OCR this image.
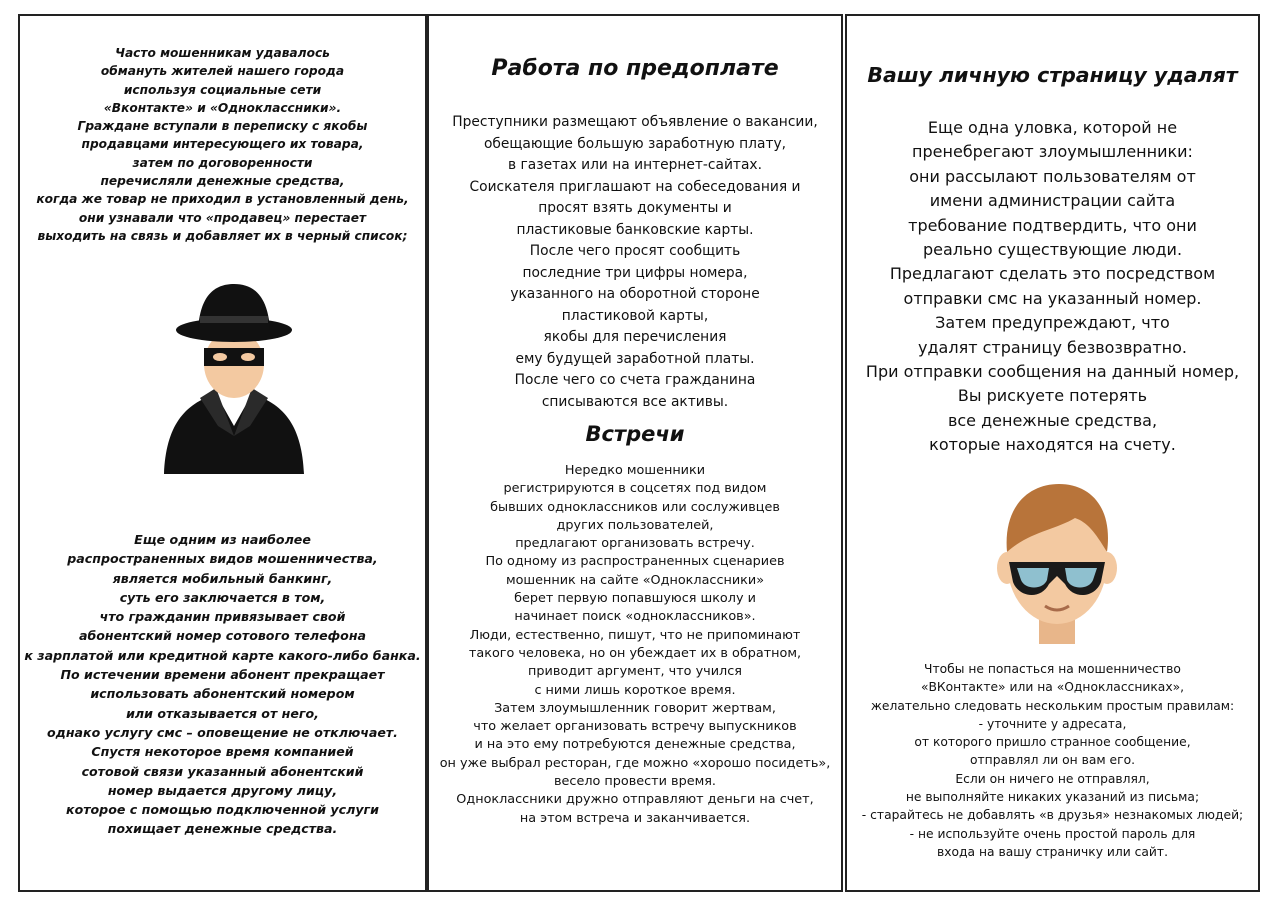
Часто мошенникам удавалось
обмануть жителей нашего города
используя социальные сети
«Вконтакте» и «Одноклассники».
Граждане вступали в переписку с якобы
продавцами интересующего их товара,
затем по договоренности
перечисляли денежные средства,
когда же товар не приходил в установленный день,
они узнавали что «продавец» перестает
выходить на связь и добавляет их в черный список;
Еще одним из наиболее
распространенных видов мошенничества,
является мобильный банкинг,
суть его заключается в том,
что гражданин привязывает свой
абонентский номер сотового телефона
к зарплатой или кредитной карте какого-либо банка.
По истечении времени абонент прекращает
использовать абонентский номером
или отказывается от него,
однако услугу смс – оповещение не отключает.
Спустя некоторое время компанией
сотовой связи указанный абонентский
номер выдается другому лицу,
которое с помощью подключенной услуги
похищает денежные средства.
Работа по предоплате
Преступники размещают объявление о вакансии,
обещающие большую заработную плату,
в газетах или на интернет-сайтах.
Соискателя приглашают на собеседования и
просят взять документы и
пластиковые банковские карты.
После чего просят сообщить
последние три цифры номера,
указанного на оборотной стороне
пластиковой карты,
якобы для перечисления
ему будущей заработной платы.
После чего со счета гражданина
списываются все активы.
Встречи
Нередко мошенники
регистрируются в соцсетях под видом
бывших одноклассников или сослуживцев
других пользователей,
предлагают организовать встречу.
По одному из распространенных сценариев
мошенник на сайте «Одноклассники»
берет первую попавшуюся школу и
начинает поиск «одноклассников».
Люди, естественно, пишут, что не припоминают
такого человека, но он убеждает их в обратном,
приводит аргумент, что учился
с ними лишь короткое время.
Затем злоумышленник говорит жертвам,
что желает организовать встречу выпускников
и на это ему потребуются денежные средства,
он уже выбрал ресторан, где можно «хорошо посидеть»,
весело провести время.
Одноклассники дружно отправляют деньги на счет,
на этом встреча и заканчивается.
Вашу личную страницу удалят
Еще одна уловка, которой не
пренебрегают злоумышленники:
они рассылают пользователям от
имени администрации сайта
требование подтвердить, что они
реально существующие люди.
Предлагают сделать это посредством
отправки смс на указанный номер.
Затем предупреждают, что
удалят страницу безвозвратно.
При отправки сообщения на данный номер,
Вы рискуете потерять
все денежные средства,
которые находятся на счету.
Чтобы не попасться на мошенничество
«ВКонтакте» или на «Одноклассниках»,
желательно следовать нескольким простым правилам:
- уточните у адресата,
от которого пришло странное сообщение,
отправлял ли он вам его.
Если он ничего не отправлял,
не выполняйте никаких указаний из письма;
- старайтесь не добавлять «в друзья» незнакомых людей;
- не используйте очень простой пароль для
входа на вашу страничку или сайт.
